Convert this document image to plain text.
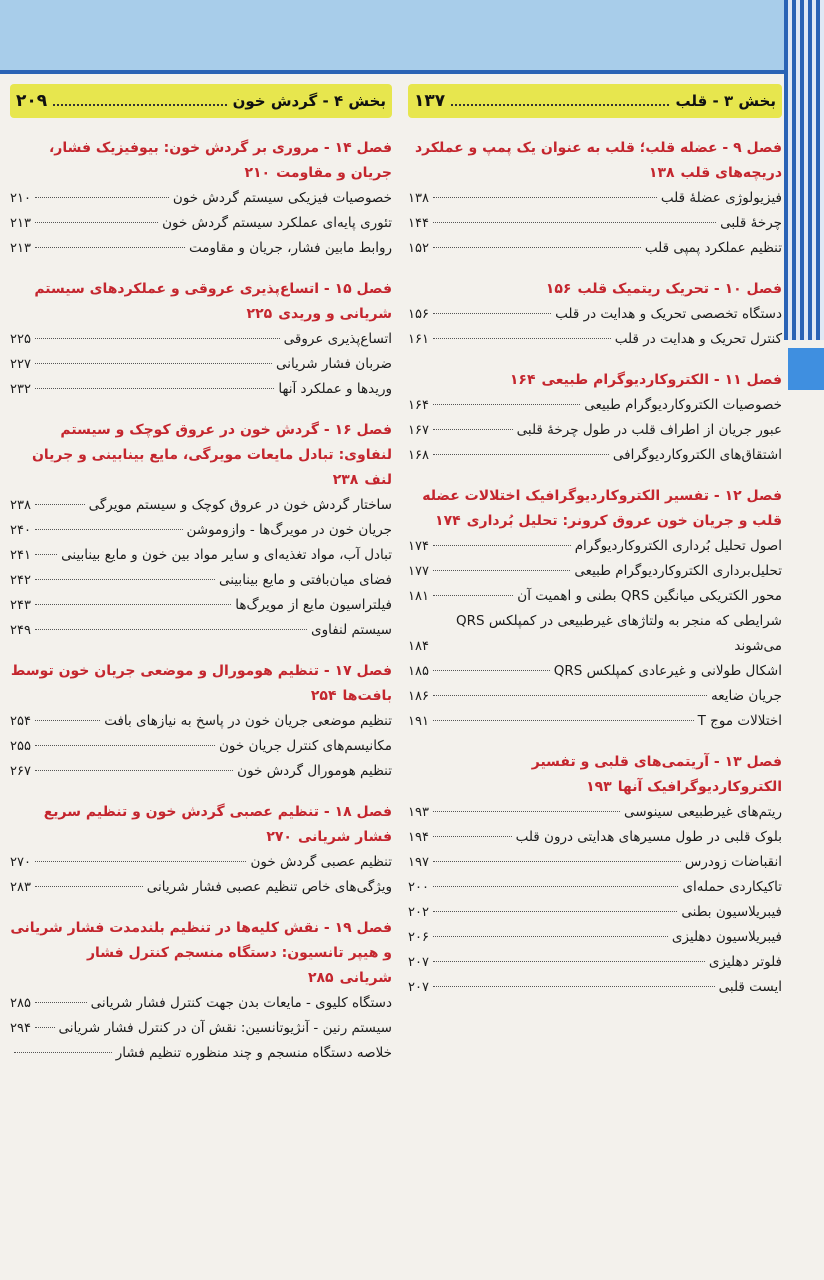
بخش ۳ - قلب
۱۳۷
فصل ۹ - عضله قلب؛ قلب به عنوان یک پمپ و عملکرد دریچه‌های قلب۱۳۸
فیزیولوژی عضلهٔ قلب
۱۳۸
چرخهٔ قلبی
۱۴۴
تنظیم عملکرد پمپی قلب
۱۵۲
فصل ۱۰ - تحریک ریتمیک قلب۱۵۶
دستگاه تخصصی تحریک و هدایت در قلب
۱۵۶
کنترل تحریک و هدایت در قلب
۱۶۱
فصل ۱۱ - الکتروکاردیوگرام طبیعی۱۶۴
خصوصیات الکتروکاردیوگرام طبیعی
۱۶۴
عبور جریان از اطراف قلب در طول چرخهٔ قلبی
۱۶۷
اشتقاق‌های الکتروکاردیوگرافی
۱۶۸
فصل ۱۲ - تفسیر الکتروکاردیوگرافیک اختلالات عضله قلب و جریان خون عروق کرونر: تحلیل بُرداری۱۷۴
اصول تحلیل بُرداری الکتروکاردیوگرام
۱۷۴
تحلیل‌برداری الکتروکاردیوگرام طبیعی
۱۷۷
محور الکتریکی میانگین QRS بطنی و اهمیت آن
۱۸۱
شرایطی که منجر به ولتاژهای غیرطبیعی در کمپلکس QRS می‌شوند
۱۸۴
اشکال طولانی و غیرعادی کمپلکس QRS
۱۸۵
جریان ضایعه
۱۸۶
اختلالات موج T
۱۹۱
فصل ۱۳ - آریتمی‌های قلبی و تفسیر الکتروکاردیوگرافیک آنها۱۹۳
ریتم‌های غیرطبیعی سینوسی
۱۹۳
بلوک قلبی در طول مسیرهای هدایتی درون قلب
۱۹۴
انقباضات زودرس
۱۹۷
تاکیکاردی حمله‌ای
۲۰۰
فیبریلاسیون بطنی
۲۰۲
فیبریلاسیون دهلیزی
۲۰۶
فلوتر دهلیزی
۲۰۷
ایست قلبی
۲۰۷
بخش ۴ - گردش خون
۲۰۹
فصل ۱۴ - مروری بر گردش خون: بیوفیزیک فشار، جریان و مقاومت۲۱۰
خصوصیات فیزیکی سیستم گردش خون
۲۱۰
تئوری پایه‌ای عملکرد سیستم گردش خون
۲۱۳
روابط مابین فشار، جریان و مقاومت
۲۱۳
فصل ۱۵ - اتساع‌پذیری عروقی و عملکردهای سیستم شریانی و وریدی۲۲۵
اتساع‌پذیری عروقی
۲۲۵
ضربان فشار شریانی
۲۲۷
وریدها و عملکرد آنها
۲۳۲
فصل ۱۶ - گردش خون در عروق کوچک و سیستم لنفاوی: تبادل مایعات مویرگی، مایع بینابینی و جریان لنف۲۳۸
ساختار گردش خون در عروق کوچک و سیستم مویرگی
۲۳۸
جریان خون در مویرگ‌ها - وازوموشن
۲۴۰
تبادل آب، مواد تغذیه‌ای و سایر مواد بین خون و مایع بینابینی
۲۴۱
فضای میان‌بافتی و مایع بینابینی
۲۴۲
فیلتراسیون مایع از مویرگ‌ها
۲۴۳
سیستم لنفاوی
۲۴۹
فصل ۱۷ - تنظیم هومورال و موضعی جریان خون توسط بافت‌ها۲۵۴
تنظیم موضعی جریان خون در پاسخ به نیازهای بافت
۲۵۴
مکانیسم‌های کنترل جریان خون
۲۵۵
تنظیم هومورال گردش خون
۲۶۷
فصل ۱۸ - تنظیم عصبی گردش خون و تنظیم سریع فشار شریانی۲۷۰
تنظیم عصبی گردش خون
۲۷۰
ویژگی‌های خاص تنظیم عصبی فشار شریانی
۲۸۳
فصل ۱۹ - نقش کلیه‌ها در تنظیم بلندمدت فشار شریانی و هیپر تانسیون: دستگاه منسجم کنترل فشار شریانی۲۸۵
دستگاه کلیوی - مایعات بدن جهت کنترل فشار شریانی
۲۸۵
سیستم رنین - آنژیوتانسین: نقش آن در کنترل فشار شریانی
۲۹۴
خلاصه دستگاه منسجم و چند منظوره تنظیم فشار
